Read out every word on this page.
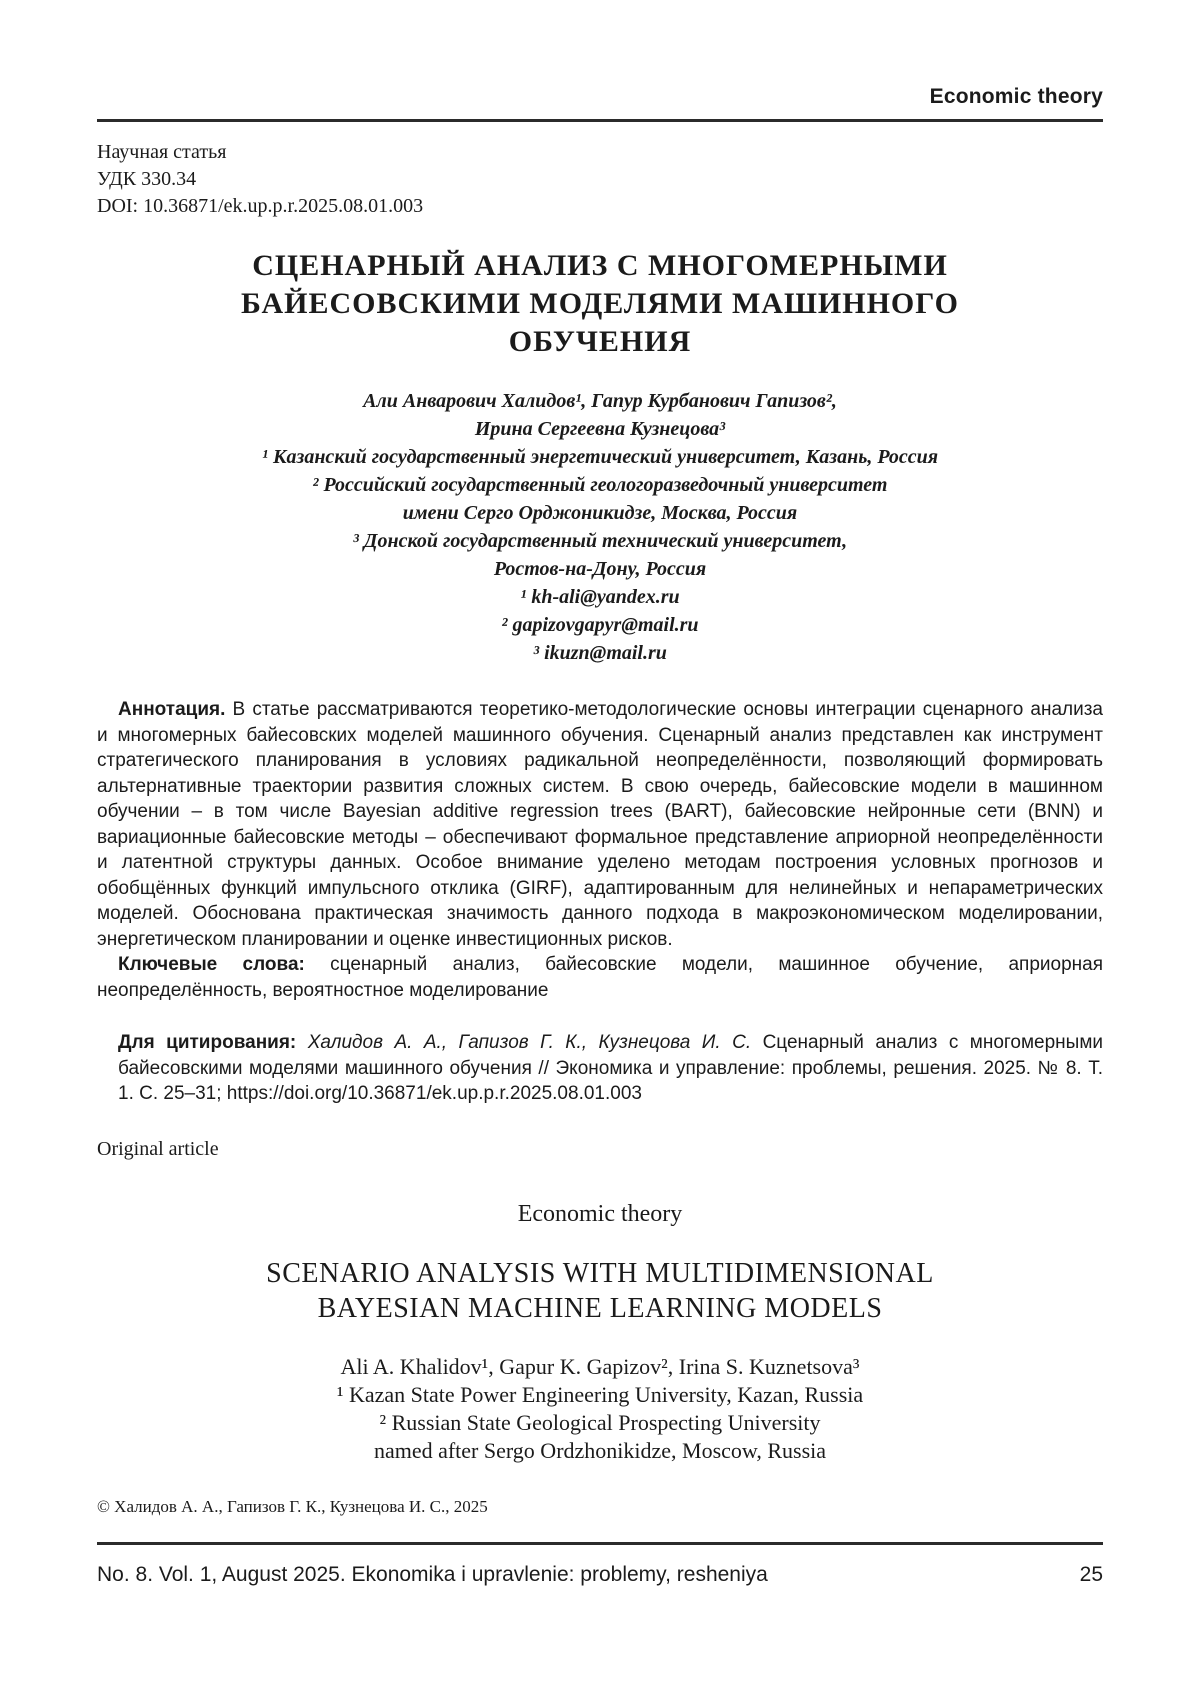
Economic theory
Научная статья
УДК 330.34
DOI: 10.36871/ek.up.p.r.2025.08.01.003
СЦЕНАРНЫЙ АНАЛИЗ С МНОГОМЕРНЫМИ
БАЙЕСОВСКИМИ МОДЕЛЯМИ МАШИННОГО
ОБУЧЕНИЯ
Али Анварович Халидов¹, Гапур Курбанович Гапизов²,
Ирина Сергеевна Кузнецова³
¹ Казанский государственный энергетический университет, Казань, Россия
² Российский государственный геологоразведочный университет
имени Серго Орджоникидзе, Москва, Россия
³ Донской государственный технический университет,
Ростов-на-Дону, Россия
¹ kh-ali@yandex.ru
² gapizovgapyr@mail.ru
³ ikuzn@mail.ru

Аннотация. В статье рассматриваются теоретико-методологические основы интеграции сценарного анализа и многомерных байесовских моделей машинного обучения. Сценарный анализ представлен как инструмент стратегического планирования в условиях радикальной неопределённости, позволяющий формировать альтернативные траектории развития сложных систем. В свою очередь, байесовские модели в машинном обучении – в том числе Bayesian additive regression trees (BART), байесовские нейронные сети (BNN) и вариационные байесовские методы – обеспечивают формальное представление априорной неопределённости и латентной структуры данных. Особое внимание уделено методам построения условных прогнозов и обобщённых функций импульсного отклика (GIRF), адаптированным для нелинейных и непараметрических моделей. Обоснована практическая значимость данного подхода в макроэкономическом моделировании, энергетическом планировании и оценке инвестиционных рисков.

Ключевые слова: сценарный анализ, байесовские модели, машинное обучение, априорная неопределённость, вероятностное моделирование

Для цитирования: Халидов А. А., Гапизов Г. К., Кузнецова И. С. Сценарный анализ с многомерными байесовскими моделями машинного обучения // Экономика и управление: проблемы, решения. 2025. № 8. Т. 1. С. 25–31; https://doi.org/10.36871/ek.up.p.r.2025.08.01.003

Original article
Economic theory
SCENARIO ANALYSIS WITH MULTIDIMENSIONAL
BAYESIAN MACHINE LEARNING MODELS
Ali A. Khalidov¹, Gapur K. Gapizov², Irina S. Kuznetsova³
¹ Kazan State Power Engineering University, Kazan, Russia
² Russian State Geological Prospecting University
named after Sergo Ordzhonikidze, Moscow, Russia
© Халидов А. А., Гапизов Г. К., Кузнецова И. С., 2025
No. 8. Vol. 1, August 2025. Ekonomika i upravlenie: problemy, resheniya	25
